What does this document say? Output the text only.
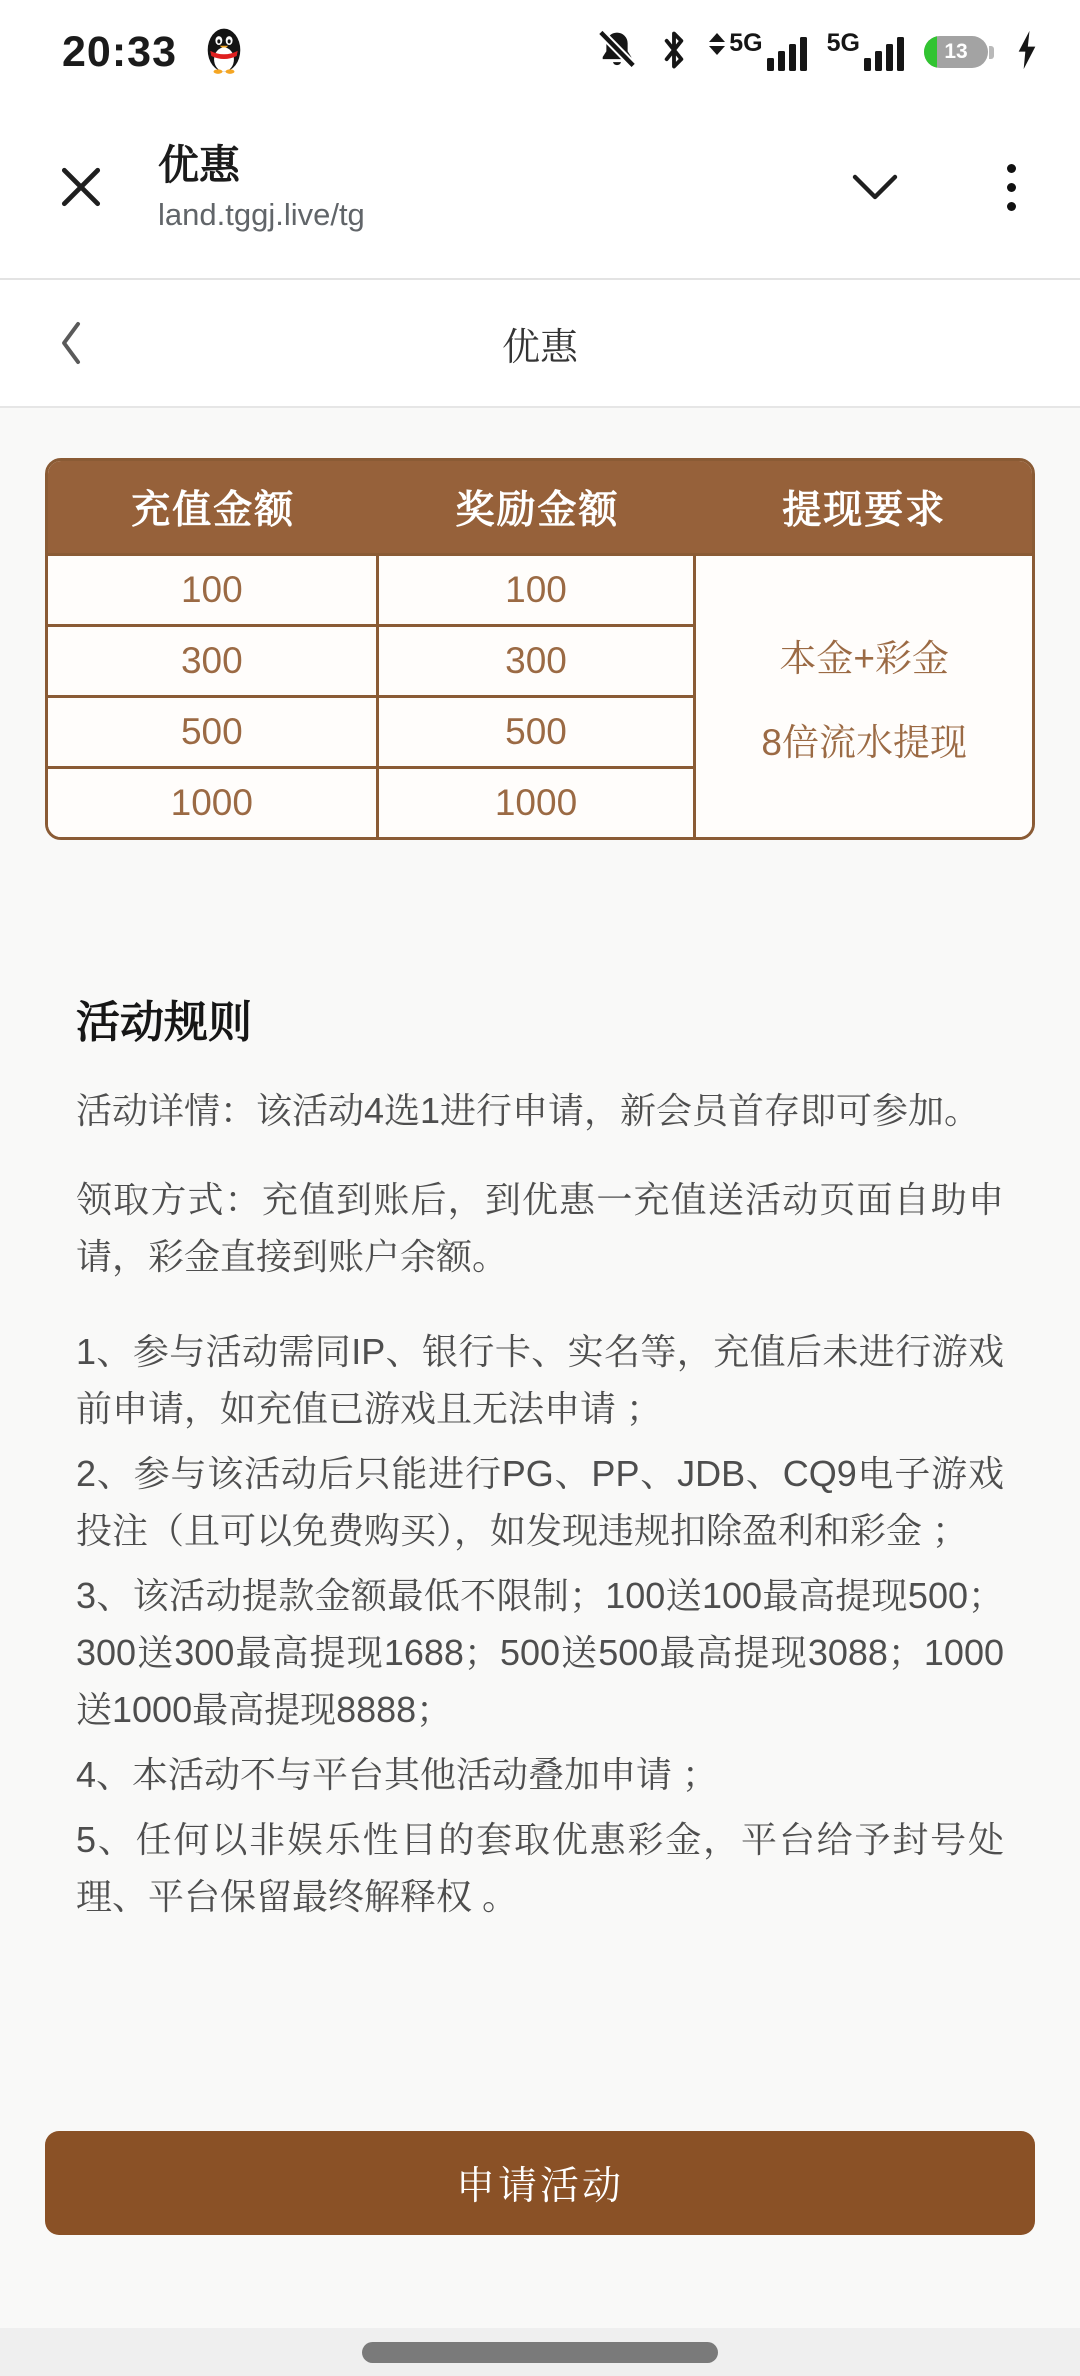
20:33	5G	5G	13
优惠
land.tggj.live/tg
优惠
充值金额	奖励金额	提现要求
本金+彩金
8倍流水提现
100	100
300	300
500	500
1000	1000
活动规则

活动详情：该活动4选1进行申请，新会员首存即可参加。

领取方式：充值到账后，到优惠一充值送活动页面自助申请，彩金直接到账户余额。

1、参与活动需同IP、银行卡、实名等，充值后未进行游戏前申请，如充值已游戏且无法申请 ；

2、参与该活动后只能进行PG、PP、JDB、CQ9电子游戏投注（且可以免费购买），如发现违规扣除盈利和彩金 ；

3、该活动提款金额最低不限制；100送100最高提现500；300送300最高提现1688；500送500最高提现3088；1000送1000最高提现8888；

4、本活动不与平台其他活动叠加申请 ；

5、任何以非娱乐性目的套取优惠彩金，平台给予封号处理、平台保留最终解释权 。

申请活动
